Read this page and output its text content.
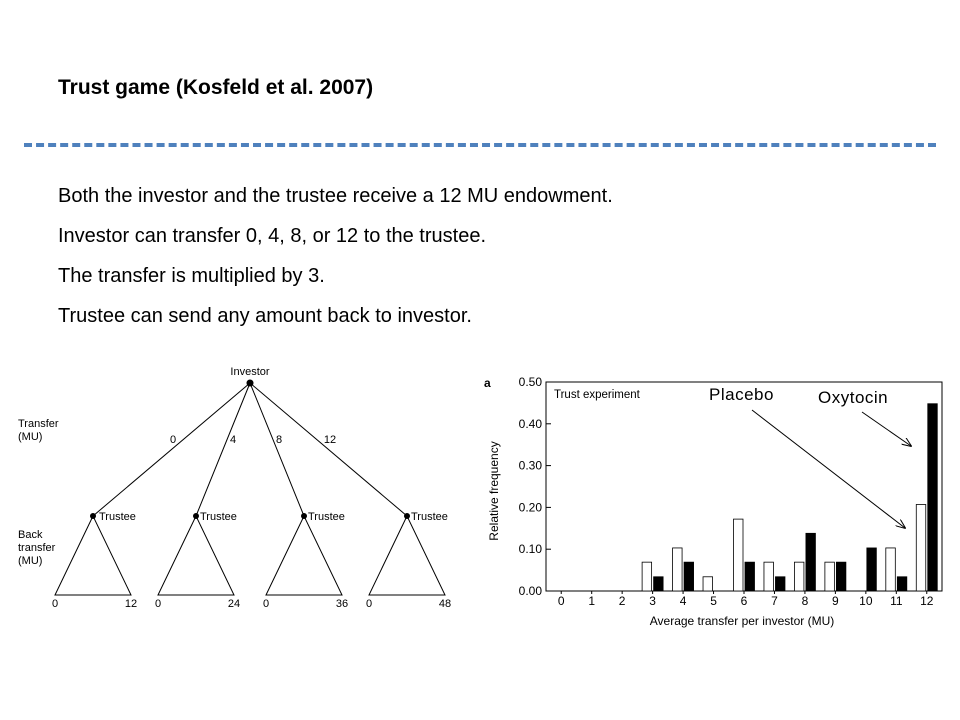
Trust game (Kosfeld et al. 2007)
Both the investor and the trustee receive a 12 MU endowment.
Investor can transfer 0, 4, 8, or 12 to the trustee.
The transfer is multiplied by 3.
Trustee can send any amount back to investor.
Investor
Transfer
(MU)
Back
transfer
(MU)
0	4	8	12
Trustee	Trustee	Trustee	Trustee
0	12 0	24 0	36 0	48
a
Trust experiment
Average transfer per investor (MU)
Relative frequency
0.00
0.10
0.20
0.30
0.40
0.50
0 1 2 3 4 5 6 7 8 9 10 11 12
Placebo	Oxytocin
